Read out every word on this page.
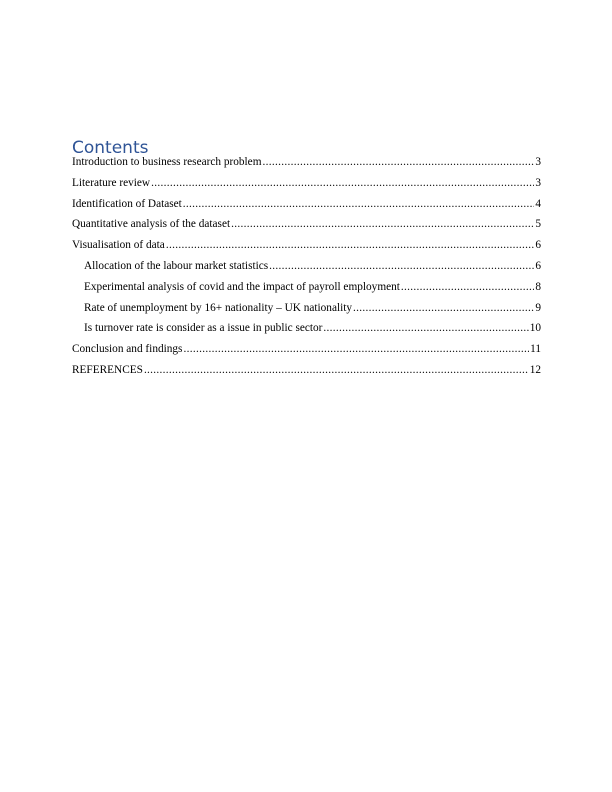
Contents
Introduction to business research problem .....	3
Literature review .....	3
Identification of Dataset .....	4
Quantitative analysis of the dataset .....	5
Visualisation of data .....	6
Allocation of the labour market statistics .....	6
Experimental analysis of covid and the impact of payroll employment .....	8
Rate of unemployment by 16+ nationality – UK nationality .....	9
Is turnover rate is consider as a issue in public sector .....	10
Conclusion and findings .....	11
REFERENCES .....	12
